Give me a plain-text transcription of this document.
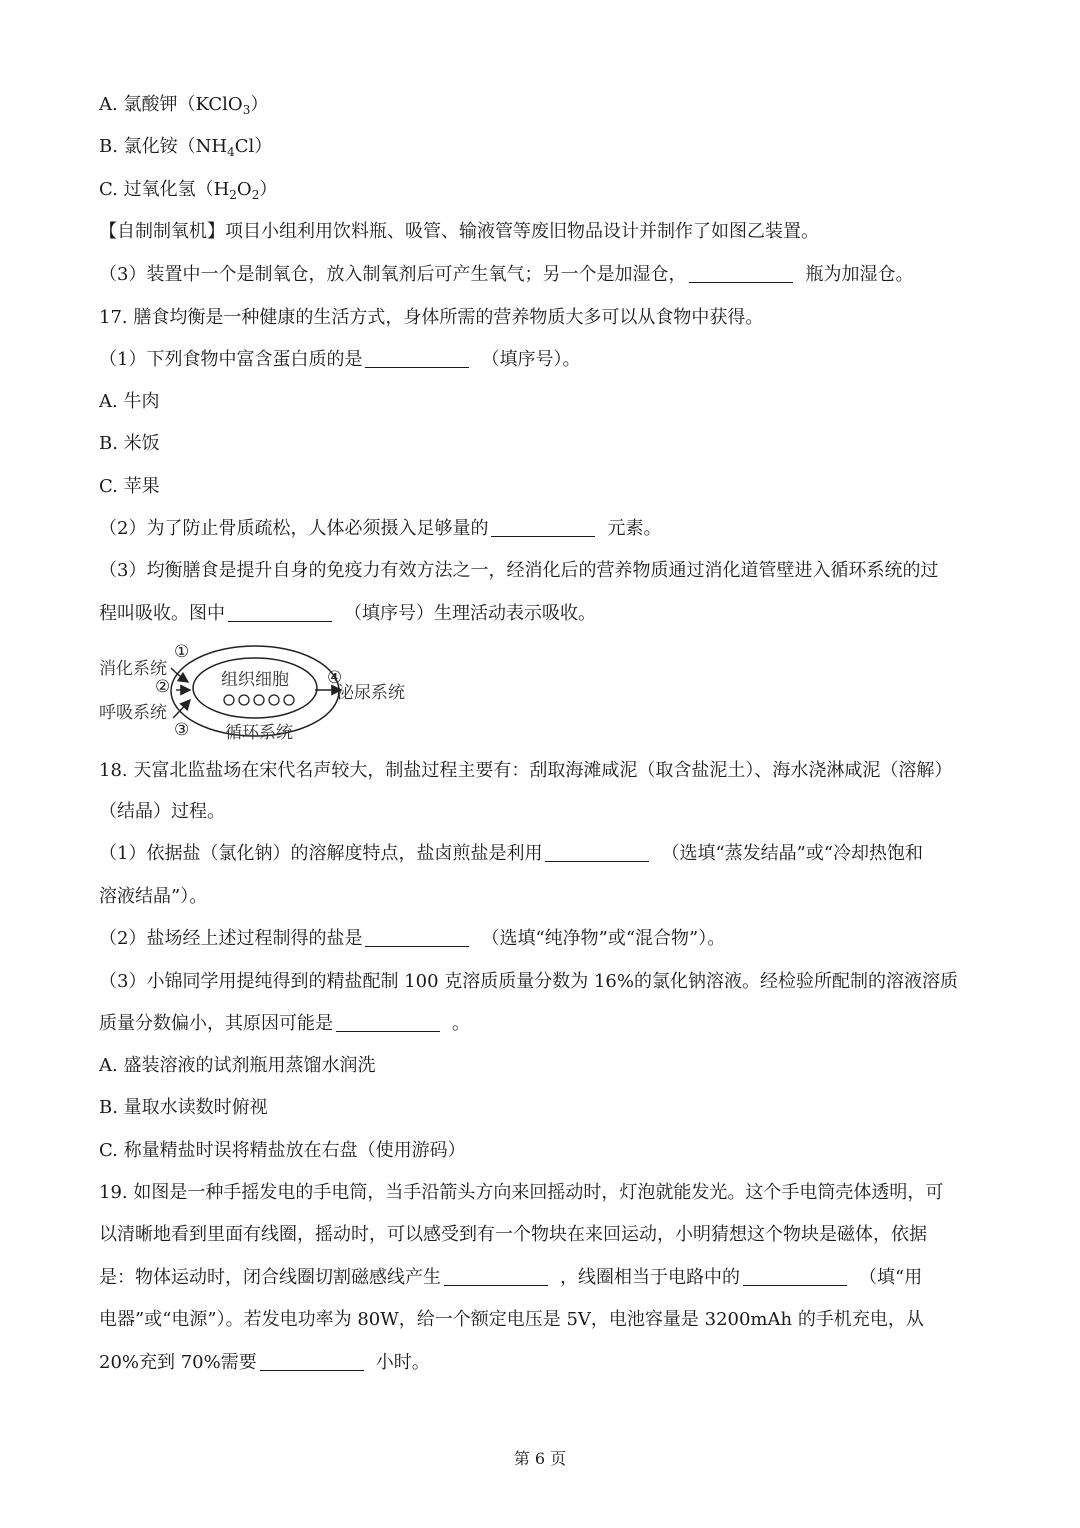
A. 氯酸钾（KClO$_3$）
B. 氯化铵$(NH_4Cl)$
C. 过氧化氢$(H_2O_2)$
【自制制氧机】项目小组利用饮料瓶、吸管、输液管等废旧物品设计并制作了如图乙装置。
（3）装置中一个是制氧仓，放入制氧剂后可产生氧气；另一个是加湿仓，	瓶为加湿仓。
17. 膳食均衡是一种健康的生活方式，身体所需的营养物质大多可以从食物中获得。
（1）下列食物中富含蛋白质的是	（填序号）。
A. 牛肉
B. 米饭
C. 苹果
（2）为了防止骨质疏松，人体必须摄入足够量的	元素。
（3）均衡膳食是提升自身的免疫力有效方法之一，经消化后的营养物质通过消化道管壁进入循环系统的过
程叫吸收。图中	（填序号）生理活动表示吸收。
组织细胞
循环系统
消化系统
呼吸系统
泌尿系统
①
②
③
④
18. 天富北监盐场在宋代名声较大，制盐过程主要有：刮取海滩咸泥（取含盐泥土）、海水浇淋咸泥（溶解）
（结晶）过程。
（1）依据盐（氯化钠）的溶解度特点，盐卤煎盐是利用	（选填“蒸发结晶”或“冷却热饱和
溶液结晶”）。
（2）盐场经上述过程制得的盐是	（选填“纯净物”或“混合物”）。
（3）小锦同学用提纯得到的精盐配制 100 克溶质质量分数为 16%的氯化钠溶液。经检验所配制的溶液溶质
质量分数偏小，其原因可能是	。
A. 盛装溶液的试剂瓶用蒸馏水润洗
B. 量取水读数时俯视
C. 称量精盐时误将精盐放在右盘（使用游码）
19. 如图是一种手摇发电的手电筒，当手沿箭头方向来回摇动时，灯泡就能发光。这个手电筒壳体透明，可
以清晰地看到里面有线圈，摇动时，可以感受到有一个物块在来回运动，小明猜想这个物块是磁体，依据
是：物体运动时，闭合线圈切割磁感线产生	，线圈相当于电路中的	（填“用
电器”或“电源”）。若发电功率为 80W，给一个额定电压是 5V，电池容量是 3200mAh 的手机充电，从
20%充到 70%需要	小时。
第 6 页
